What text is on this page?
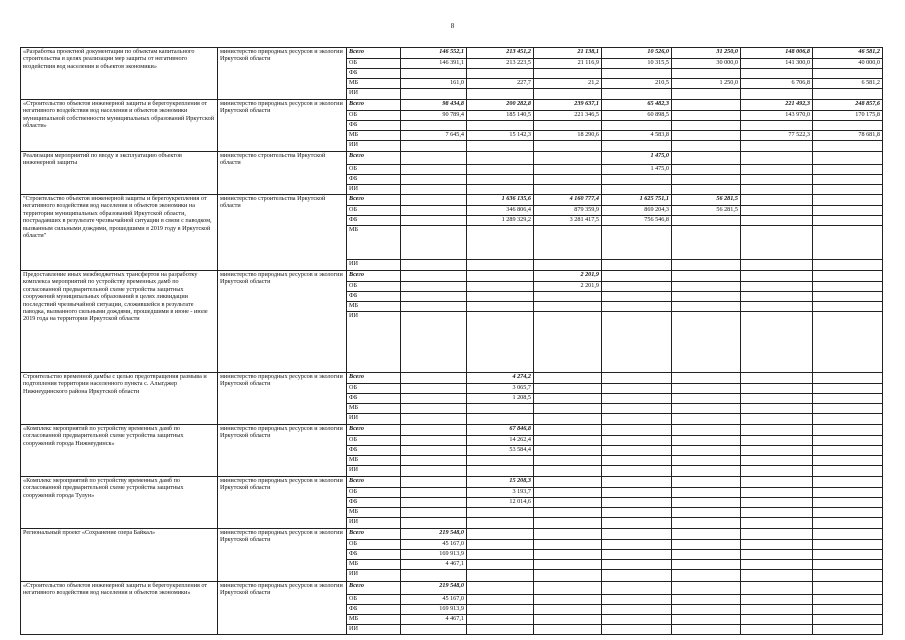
8
«Разработка проектной документации по объектам капитального строительства в целях реализации мер защиты от негативного воздействия вод населения и объектов экономики»	министерство природных ресурсов и экологии Иркутской области	Всего	146 552,1	213 451,2	21 138,1	10 526,0	31 250,0	148 006,8	46 581,2
		ОБ	146 391,1	213 223,5	21 116,9	10 315,5	30 000,0	141 300,0	40 000,0
		ФБ							
		МБ	161,0	227,7	21,2	210,5	1 250,0	6 706,8	6 581,2
		ИИ							
«Строительство объектов инженерной защиты и берегоукрепления от негативного воздействия вод населения и объектов экономики муниципальной собственности муниципальных образований Иркутской области»	министерство природных ресурсов и экологии Иркутской области	Всего	98 434,8	200 282,8	239 637,1	65 482,3		221 492,3	248 857,6
		ОБ	90 789,4	185 140,5	221 346,5	60 898,5		143 970,0	170 175,8
		ФБ							
		МБ	7 645,4	15 142,3	18 290,6	4 583,8		77 522,3	78 681,8
		ИИ							
Реализация мероприятий по вводу в эксплуатацию объектов инженерной защиты	министерство строительства Иркутской области	Всего				1 475,0			
		ОБ				1 475,0			
		ФБ							
		ИИ							
"Строительство объектов инженерной защиты и берегоукрепления от негативного воздействия вод населения и объектов экономики на территории муниципальных образований Иркутской области, пострадавших в результате чрезвычайной ситуации в связи с паводком, вызванным сильными дождями, прошедшими в 2019 году в Иркутской области"	министерство строительства Иркутской области	Всего		1 636 135,6	4 160 777,4	1 625 751,1	56 281,5		
		ОБ		346 806,4	879 359,9	869 204,3	56 281,5		
		ФБ		1 289 329,2	3 281 417,5	756 546,8			
		МБ							
		ИИ							
Предоставление иных межбюджетных трансфертов на разработку комплекса мероприятий по устройству временных дамб по согласованной предварительной схеме устройства защитных сооружений муниципальных образований в целях ликвидации последствий чрезвычайной ситуации, сложившейся в результате паводка, вызванного сильными дождями, прошедшими в июне - июле 2019 года на территории Иркутской области	министерство природных ресурсов и экологии Иркутской области	Всего			2 201,9				
		ОБ			2 201,9				
		ФБ							
		МБ							
		ИИ							
Строительство временной дамбы с целью предотвращения размыва и подтопления территории населенного пункта с. Алыгджер Нижнеудинского района Иркутской области	министерство природных ресурсов и экологии Иркутской области	Всего		4 274,2					
		ОБ		3 065,7					
		ФБ		1 208,5					
		МБ							
		ИИ							
«Комплекс мероприятий по устройству временных дамб по согласованной предварительной схеме устройства защитных сооружений города Нижнеудинск»	министерство природных ресурсов и экологии Иркутской области	Всего		67 846,8					
		ОБ		14 262,4					
		ФБ		53 584,4					
		МБ							
		ИИ							
«Комплекс мероприятий по устройству временных дамб по согласованной предварительной схеме устройства защитных сооружений города Тулун»	министерство природных ресурсов и экологии Иркутской области	Всего		15 208,3					
		ОБ		3 193,7					
		ФБ		12 014,6					
		МБ							
		ИИ							
Региональный проект «Сохранение озера Байкал»	министерство природных ресурсов и экологии Иркутской области	Всего	219 548,0						
		ОБ	45 167,0						
		ФБ	169 913,9						
		МБ	4 467,1						
		ИИ							
«Строительство объектов инженерной защиты и берегоукрепления от негативного воздействия вод населения и объектов экономики»	министерство природных ресурсов и экологии Иркутской области	Всего	219 548,0						
		ОБ	45 167,0						
		ФБ	169 913,9						
		МБ	4 467,1						
		ИИ							
